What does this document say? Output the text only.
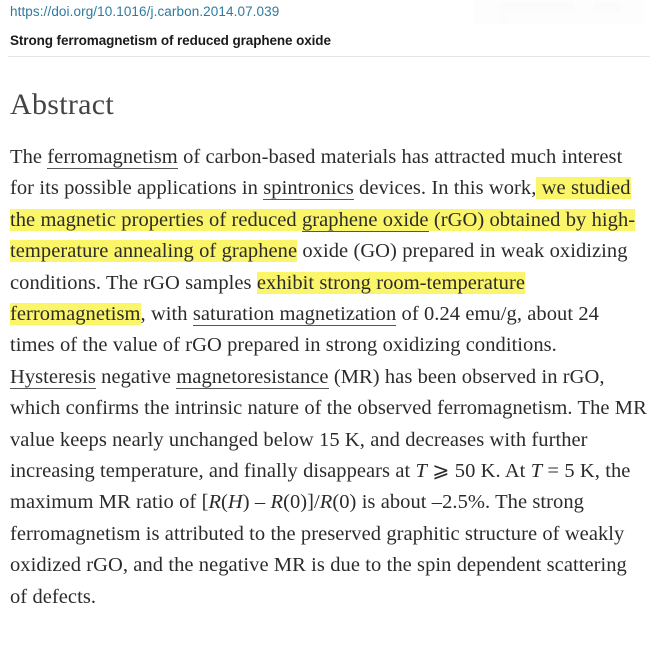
https://doi.org/10.1016/j.carbon.2014.07.039
Strong ferromagnetism of reduced graphene oxide
Abstract
The ferromagnetism of carbon-based materials has attracted much interest for its possible applications in spintronics devices. In this work, we studied the magnetic properties of reduced graphene oxide (rGO) obtained by high-temperature annealing of graphene oxide (GO) prepared in weak oxidizing conditions. The rGO samples exhibit strong room-temperature ferromagnetism, with saturation magnetization of 0.24 emu/g, about 24 times of the value of rGO prepared in strong oxidizing conditions. Hysteresis negative magnetoresistance (MR) has been observed in rGO, which confirms the intrinsic nature of the observed ferromagnetism. The MR value keeps nearly unchanged below 15 K, and decreases with further increasing temperature, and finally disappears at T ⩾ 50 K. At T = 5 K, the maximum MR ratio of [R(H) – R(0)]/R(0) is about –2.5%. The strong ferromagnetism is attributed to the preserved graphitic structure of weakly oxidized rGO, and the negative MR is due to the spin dependent scattering of defects.
